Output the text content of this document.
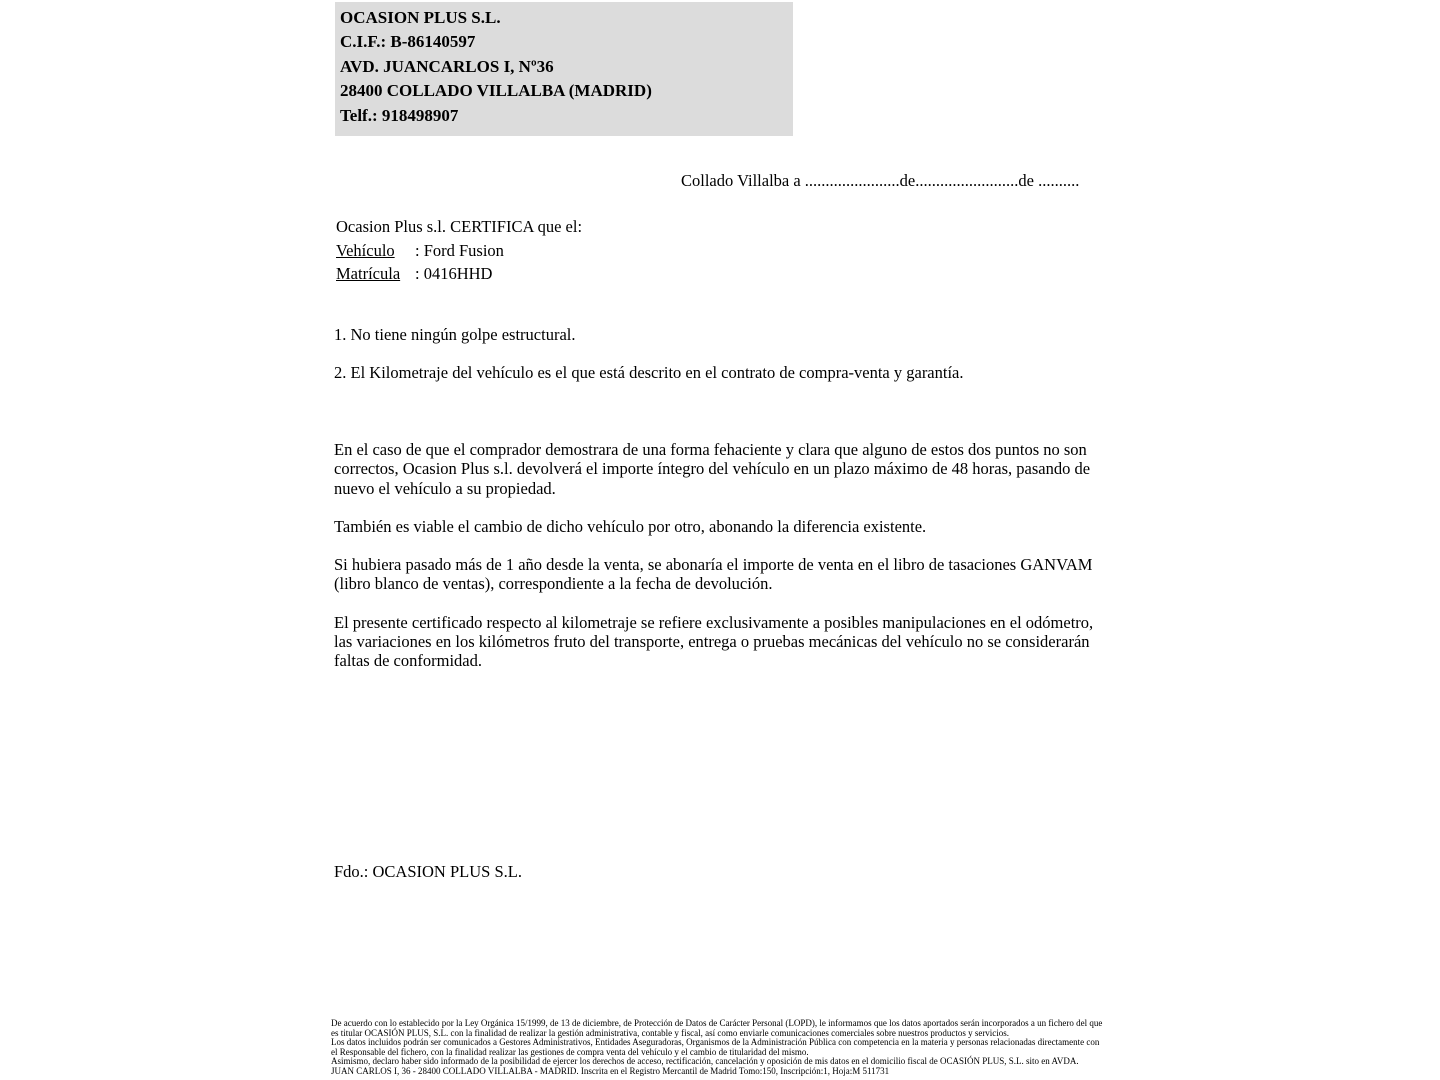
OCASION PLUS S.L.
C.I.F.: B-86140597
AVD. JUANCARLOS I, Nº36
28400 COLLADO VILLALBA (MADRID)
Telf.: 918498907
Collado Villalba a .......................de.........................de ..........
Ocasion Plus s.l. CERTIFICA que el:
Vehículo : Ford Fusion
Matrícula : 0416HHD
1. No tiene ningún golpe estructural.
2. El Kilometraje del vehículo es el que está descrito en el contrato de compra-venta y garantía.

En el caso de que el comprador demostrara de una forma fehaciente y clara que alguno de estos dos puntos no son correctos, Ocasion Plus s.l. devolverá el importe íntegro del vehículo en un plazo máximo de 48 horas, pasando de nuevo el vehículo a su propiedad.

También es viable el cambio de dicho vehículo por otro, abonando la diferencia existente.

Si hubiera pasado más de 1 año desde la venta, se abonaría el importe de venta en el libro de tasaciones GANVAM (libro blanco de ventas), correspondiente a la fecha de devolución.

El presente certificado respecto al kilometraje se refiere exclusivamente a posibles manipulaciones en el odómetro, las variaciones en los kilómetros fruto del transporte, entrega o pruebas mecánicas del vehículo no se considerarán faltas de conformidad.

Fdo.: OCASION PLUS S.L.
De acuerdo con lo establecido por la Ley Orgánica 15/1999, de 13 de diciembre, de Protección de Datos de Carácter Personal (LOPD), le informamos que los datos aportados serán incorporados a un fichero del que es titular OCASIÓN PLUS, S.L. con la finalidad de realizar la gestión administrativa, contable y fiscal, así como enviarle comunicaciones comerciales sobre nuestros productos y servicios.
Los datos incluidos podrán ser comunicados a Gestores Administrativos, Entidades Aseguradoras, Organismos de la Administración Pública con competencia en la materia y personas relacionadas directamente con el Responsable del fichero, con la finalidad realizar las gestiones de compra venta del vehículo y el cambio de titularidad del mismo.
Asimismo, declaro haber sido informado de la posibilidad de ejercer los derechos de acceso, rectificación, cancelación y oposición de mis datos en el domicilio fiscal de OCASIÓN PLUS, S.L. sito en AVDA. JUAN CARLOS I, 36 - 28400 COLLADO VILLALBA - MADRID. Inscrita en el Registro Mercantil de Madrid Tomo:150, Inscripción:1, Hoja:M 511731
